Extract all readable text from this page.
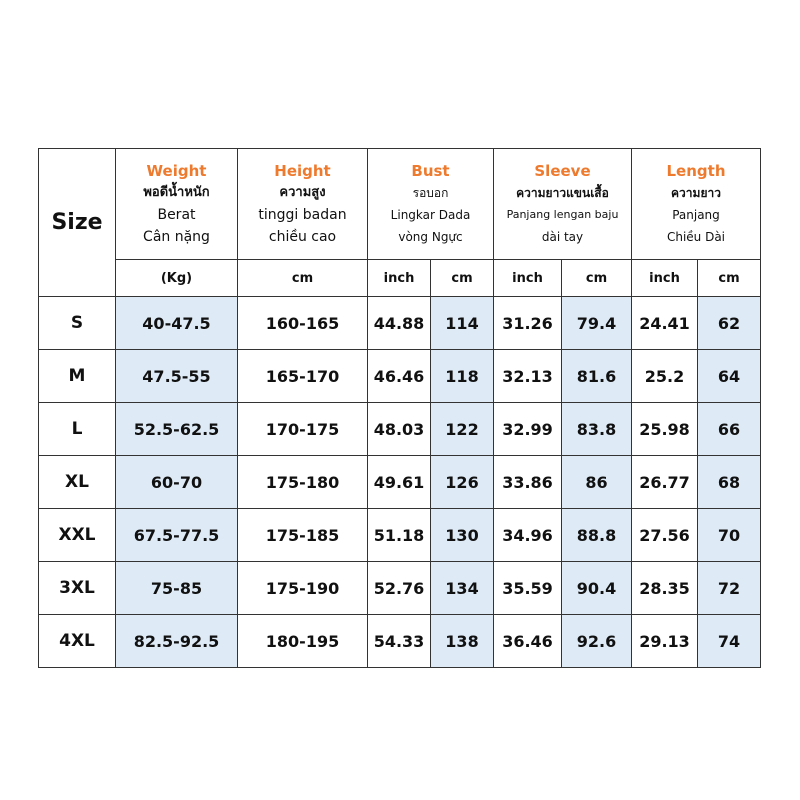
Size	Weight
พอดีน้ำหนัก
Berat
Cân nặng	Height
ความสูง
tinggi badan
chiều cao	Bust
รอบอก
Lingkar Dada
vòng Ngực		Sleeve
ความยาวแขนเสื้อ
Panjang lengan baju
dài tay		Length
ความยาว
Panjang
Chiều Dài	

	(Kg)	cm	inch	cm	inch	cm	inch	cm
S	40-47.5	160-165	44.88	114	31.26	79.4	24.41	62
M	47.5-55	165-170	46.46	118	32.13	81.6	25.2	64
L	52.5-62.5	170-175	48.03	122	32.99	83.8	25.98	66
XL	60-70	175-180	49.61	126	33.86	86	26.77	68
XXL	67.5-77.5	175-185	51.18	130	34.96	88.8	27.56	70
3XL	75-85	175-190	52.76	134	35.59	90.4	28.35	72
4XL	82.5-92.5	180-195	54.33	138	36.46	92.6	29.13	74
